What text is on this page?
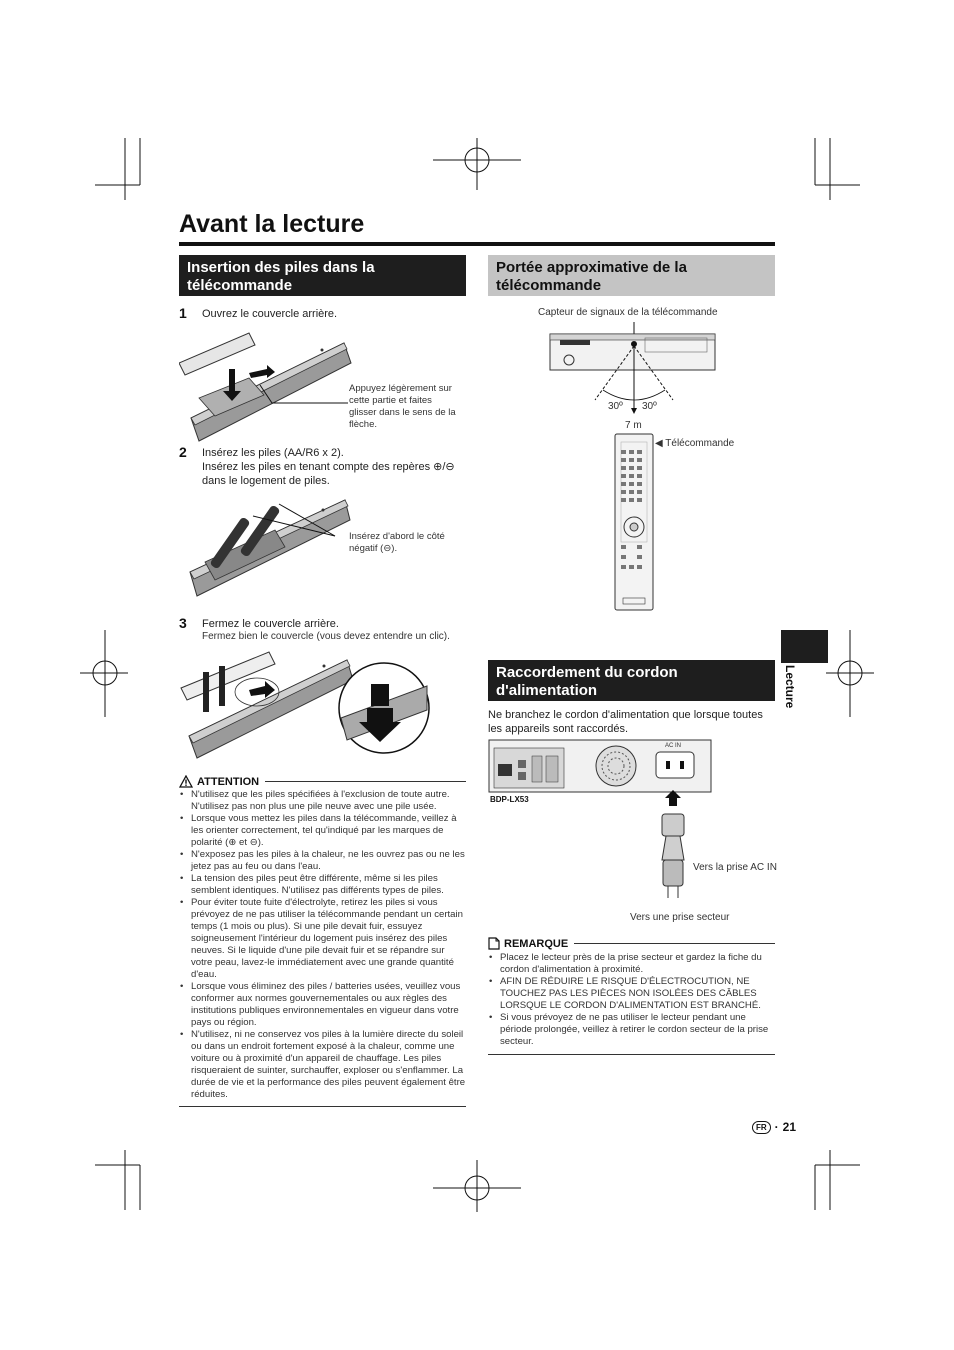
Avant la lecture
Insertion des piles dans la télécommande
1 Ouvrez le couvercle arrière.
Appuyez légèrement sur cette partie et faites glisser dans le sens de la flèche.
2 Insérez les piles (AA/R6 x 2).
Insérez les piles en tenant compte des repères ⊕/⊖ dans le logement de piles.
Insérez d'abord le côté négatif (⊖).
3 Fermez le couvercle arrière.
Fermez bien le couvercle (vous devez entendre un clic).
ATTENTION
• N'utilisez que les piles spécifiées à l'exclusion de toute autre. N'utilisez pas non plus une pile neuve avec une pile usée.
• Lorsque vous mettez les piles dans la télécommande, veillez à les orienter correctement, tel qu'indiqué par les marques de polarité (⊕ et ⊖).
• N'exposez pas les piles à la chaleur, ne les ouvrez pas ou ne les jetez pas au feu ou dans l'eau.
• La tension des piles peut être différente, même si les piles semblent identiques. N'utilisez pas différents types de piles.
• Pour éviter toute fuite d'électrolyte, retirez les piles si vous prévoyez de ne pas utiliser la télécommande pendant un certain temps (1 mois ou plus). Si une pile devait fuir, essuyez soigneusement l'intérieur du logement puis insérez des piles neuves. Si le liquide d'une pile devait fuir et se répandre sur votre peau, lavez-le immédiatement avec une grande quantité d'eau.
• Lorsque vous éliminez des piles / batteries usées, veuillez vous conformer aux normes gouvernementales ou aux règles des institutions publiques environnementales en vigueur dans votre pays ou région.
• N'utilisez, ni ne conservez vos piles à la lumière directe du soleil ou dans un endroit fortement exposé à la chaleur, comme une voiture ou à proximité d'un appareil de chauffage. Les piles risqueraient de suinter, surchauffer, exploser ou s'enflammer. La durée de vie et la performance des piles peuvent également être réduites.
Portée approximative de la télécommande
Capteur de signaux de la télécommande
30º 30º
7 m
◀ Télécommande
Raccordement du cordon d'alimentation
Ne branchez le cordon d'alimentation que lorsque toutes les appareils sont raccordés.
AC IN
BDP-LX53
Vers la prise AC IN
Vers une prise secteur
REMARQUE
• Placez le lecteur près de la prise secteur et gardez la fiche du cordon d'alimentation à proximité.
• AFIN DE RÉDUIRE LE RISQUE D'ÉLECTROCUTION, NE TOUCHEZ PAS LES PIÈCES NON ISOLÉES DES CÂBLES LORSQUE LE CORDON D'ALIMENTATION EST BRANCHÉ.
• Si vous prévoyez de ne pas utiliser le lecteur pendant une période prolongée, veillez à retirer le cordon secteur de la prise secteur.
Lecture
FR · 21
